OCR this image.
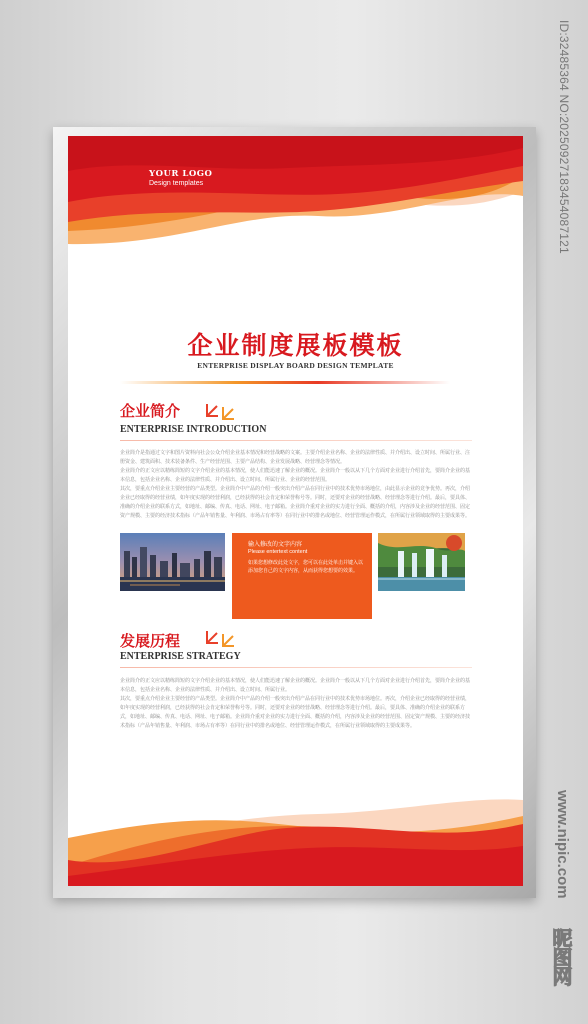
YOUR LOGO
Design templates
企业制度展板模板
ENTERPRISE DISPLAY BOARD DESIGN TEMPLATE
企业简介
ENTERPRISE INTRODUCTION

企业简介是指通过文字和图片资料向社会公众介绍企业基本情况和经营战略的文案。主要介绍企业名称、企业的法律性质、并介绍出、设立时间、所属行业、注册资金、建筑面积、技术装备条件、生产经营范围、主要产品结构、企业发展战略、经营理念等情况。

企业简介的正文应以精练简短的文字介绍企业的基本情况，使人们能迅速了解企业的概况。企业简介一般以从下几个方面对企业进行介绍首先，要简介企业的基本信息，包括企业名称、企业的法律性质、并介绍出、设立时间、所属行业、企业的经营范围。

其次，要重点介绍企业主要经营的产品类型。企业简介中产品的介绍一般突出介绍产品在同行业中的技术优势市场地位，由此显示企业的竞争优势。再次，介绍企业已经取得的经营业绩，如年度实现的经营利润，已经获得的社会肯定和荣誉称号等。同时，还要对企业的经营战略、经营理念等进行介绍。最后，要具体、准确的介绍企业的联系方式，如地址、邮编、传真、电话、网址、电子邮箱。企业简介重对企业的实力进行全面、概括的介绍，内容涉及企业的经营范围、固定资产规模、主要的经济技术指标（产品年销售量、年利润、市场占有率等）在同行业中的排名或地位、经营管理运作模式，在所属行业领域取得的主要成果等。

输入修改的文字内容
Please entertext content
如果您想修改此处文字，您可以在此处单击并键入以添加您自己的文字内容，从而获得您想要的效果。
发展历程
ENTERPRISE STRATEGY

企业简介的正文应以精练简短的文字介绍企业的基本情况，使人们能迅速了解企业的概况。企业简介一般以从下几个方面对企业进行介绍首先，要简介企业的基本信息，包括企业名称、企业的法律性质、并介绍出、设立时间、所属行业。

其次，要重点介绍企业主要经营的产品类型。企业简介中产品的介绍一般突出介绍产品在同行业中的技术优势市场地位。再次，介绍企业已经取得的经营业绩，如年度实现的经营利润，已经获得的社会肯定和荣誉称号等。同时，还要对企业的经营战略、经营理念等进行介绍。最后，要具体、准确的介绍企业的联系方式，如地址、邮编、传真、电话、网址、电子邮箱。企业简介重对企业的实力进行全面、概括的介绍，内容涉及企业的经营范围、固定资产规模、主要的经济技术指标（产品年销售量、年利润、市场占有率等）在同行业中的排名或地位、经营管理运作模式，在所属行业领域取得的主要成果等。

ID:32485364 NO:20250927183454087121
www.nipic.com
昵图网
